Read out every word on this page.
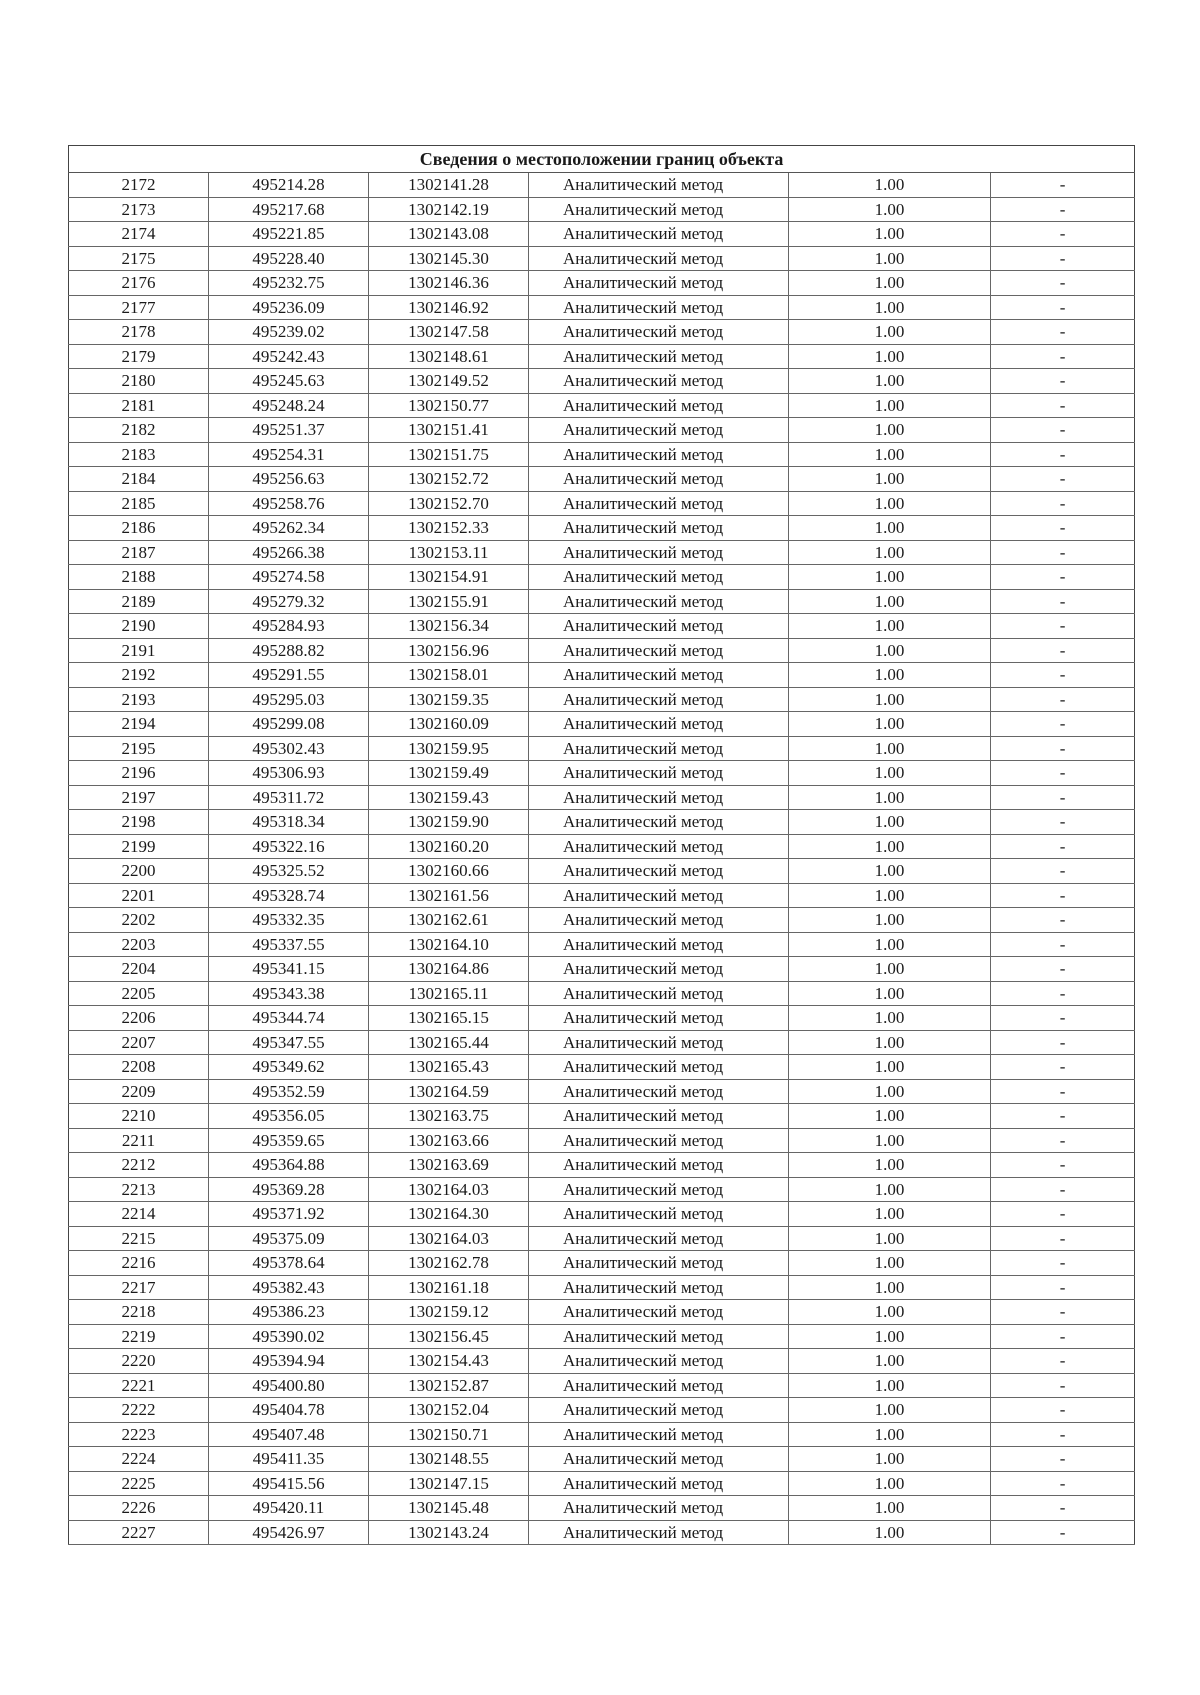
Сведения о местоположении границ объекта					
2172	495214.28	1302141.28	Аналитический метод	1.00	-
2173	495217.68	1302142.19	Аналитический метод	1.00	-
2174	495221.85	1302143.08	Аналитический метод	1.00	-
2175	495228.40	1302145.30	Аналитический метод	1.00	-
2176	495232.75	1302146.36	Аналитический метод	1.00	-
2177	495236.09	1302146.92	Аналитический метод	1.00	-
2178	495239.02	1302147.58	Аналитический метод	1.00	-
2179	495242.43	1302148.61	Аналитический метод	1.00	-
2180	495245.63	1302149.52	Аналитический метод	1.00	-
2181	495248.24	1302150.77	Аналитический метод	1.00	-
2182	495251.37	1302151.41	Аналитический метод	1.00	-
2183	495254.31	1302151.75	Аналитический метод	1.00	-
2184	495256.63	1302152.72	Аналитический метод	1.00	-
2185	495258.76	1302152.70	Аналитический метод	1.00	-
2186	495262.34	1302152.33	Аналитический метод	1.00	-
2187	495266.38	1302153.11	Аналитический метод	1.00	-
2188	495274.58	1302154.91	Аналитический метод	1.00	-
2189	495279.32	1302155.91	Аналитический метод	1.00	-
2190	495284.93	1302156.34	Аналитический метод	1.00	-
2191	495288.82	1302156.96	Аналитический метод	1.00	-
2192	495291.55	1302158.01	Аналитический метод	1.00	-
2193	495295.03	1302159.35	Аналитический метод	1.00	-
2194	495299.08	1302160.09	Аналитический метод	1.00	-
2195	495302.43	1302159.95	Аналитический метод	1.00	-
2196	495306.93	1302159.49	Аналитический метод	1.00	-
2197	495311.72	1302159.43	Аналитический метод	1.00	-
2198	495318.34	1302159.90	Аналитический метод	1.00	-
2199	495322.16	1302160.20	Аналитический метод	1.00	-
2200	495325.52	1302160.66	Аналитический метод	1.00	-
2201	495328.74	1302161.56	Аналитический метод	1.00	-
2202	495332.35	1302162.61	Аналитический метод	1.00	-
2203	495337.55	1302164.10	Аналитический метод	1.00	-
2204	495341.15	1302164.86	Аналитический метод	1.00	-
2205	495343.38	1302165.11	Аналитический метод	1.00	-
2206	495344.74	1302165.15	Аналитический метод	1.00	-
2207	495347.55	1302165.44	Аналитический метод	1.00	-
2208	495349.62	1302165.43	Аналитический метод	1.00	-
2209	495352.59	1302164.59	Аналитический метод	1.00	-
2210	495356.05	1302163.75	Аналитический метод	1.00	-
2211	495359.65	1302163.66	Аналитический метод	1.00	-
2212	495364.88	1302163.69	Аналитический метод	1.00	-
2213	495369.28	1302164.03	Аналитический метод	1.00	-
2214	495371.92	1302164.30	Аналитический метод	1.00	-
2215	495375.09	1302164.03	Аналитический метод	1.00	-
2216	495378.64	1302162.78	Аналитический метод	1.00	-
2217	495382.43	1302161.18	Аналитический метод	1.00	-
2218	495386.23	1302159.12	Аналитический метод	1.00	-
2219	495390.02	1302156.45	Аналитический метод	1.00	-
2220	495394.94	1302154.43	Аналитический метод	1.00	-
2221	495400.80	1302152.87	Аналитический метод	1.00	-
2222	495404.78	1302152.04	Аналитический метод	1.00	-
2223	495407.48	1302150.71	Аналитический метод	1.00	-
2224	495411.35	1302148.55	Аналитический метод	1.00	-
2225	495415.56	1302147.15	Аналитический метод	1.00	-
2226	495420.11	1302145.48	Аналитический метод	1.00	-
2227	495426.97	1302143.24	Аналитический метод	1.00	-
